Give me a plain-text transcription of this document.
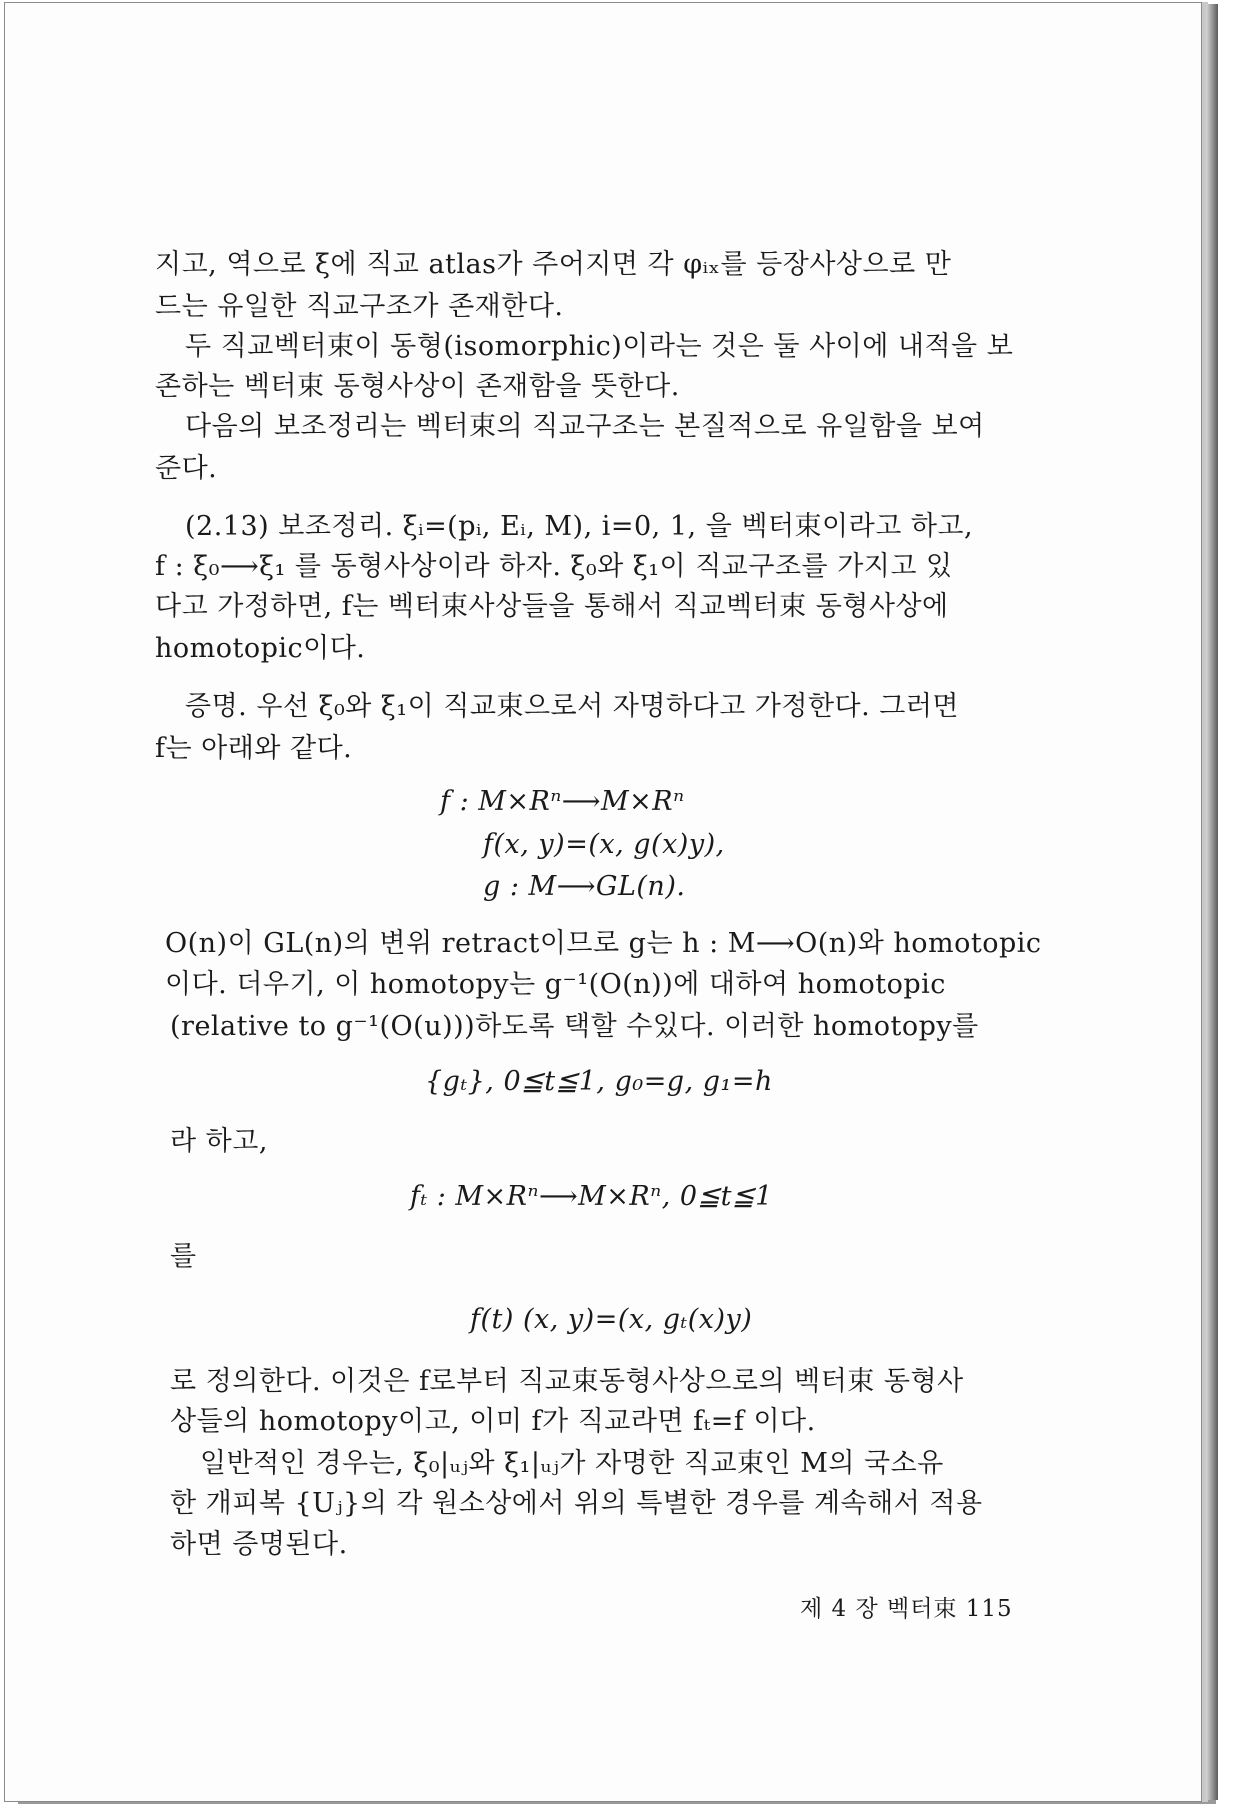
지고, 역으로 ξ에 직교 atlas가 주어지면 각 φᵢₓ를 등장사상으로 만
드는 유일한 직교구조가 존재한다.
두 직교벡터束이 동형(isomorphic)이라는 것은 둘 사이에 내적을 보
존하는 벡터束 동형사상이 존재함을 뜻한다.
다음의 보조정리는 벡터束의 직교구조는 본질적으로 유일함을 보여
준다.
(2.13) 보조정리. ξᵢ=(pᵢ, Eᵢ, M), i=0, 1, 을 벡터束이라고 하고,
f : ξ₀⟶ξ₁ 를 동형사상이라 하자. ξ₀와 ξ₁이 직교구조를 가지고 있
다고 가정하면, f는 벡터束사상들을 통해서 직교벡터束 동형사상에
homotopic이다.
증명. 우선 ξ₀와 ξ₁이 직교束으로서 자명하다고 가정한다. 그러면
f는 아래와 같다.
f : M×Rⁿ⟶M×Rⁿ
f(x, y)=(x, g(x)y),
g : M⟶GL(n).
O(n)이 GL(n)의 변위 retract이므로 g는 h : M⟶O(n)와 homotopic
이다. 더우기, 이 homotopy는 g⁻¹(O(n))에 대하여 homotopic
(relative to g⁻¹(O(u)))하도록 택할 수있다. 이러한 homotopy를
{gₜ}, 0≦t≦1, g₀=g, g₁=h
라 하고,
fₜ : M×Rⁿ⟶M×Rⁿ, 0≦t≦1
를
f(t) (x, y)=(x, gₜ(x)y)
로 정의한다. 이것은 f로부터 직교束동형사상으로의 벡터束 동형사
상들의 homotopy이고, 이미 f가 직교라면 fₜ=f 이다.
일반적인 경우는, ξ₀|ᵤⱼ와 ξ₁|ᵤⱼ가 자명한 직교束인 M의 국소유
한 개피복 {Uⱼ}의 각 원소상에서 위의 특별한 경우를 계속해서 적용
하면 증명된다.
제 4 장 벡터束 115
